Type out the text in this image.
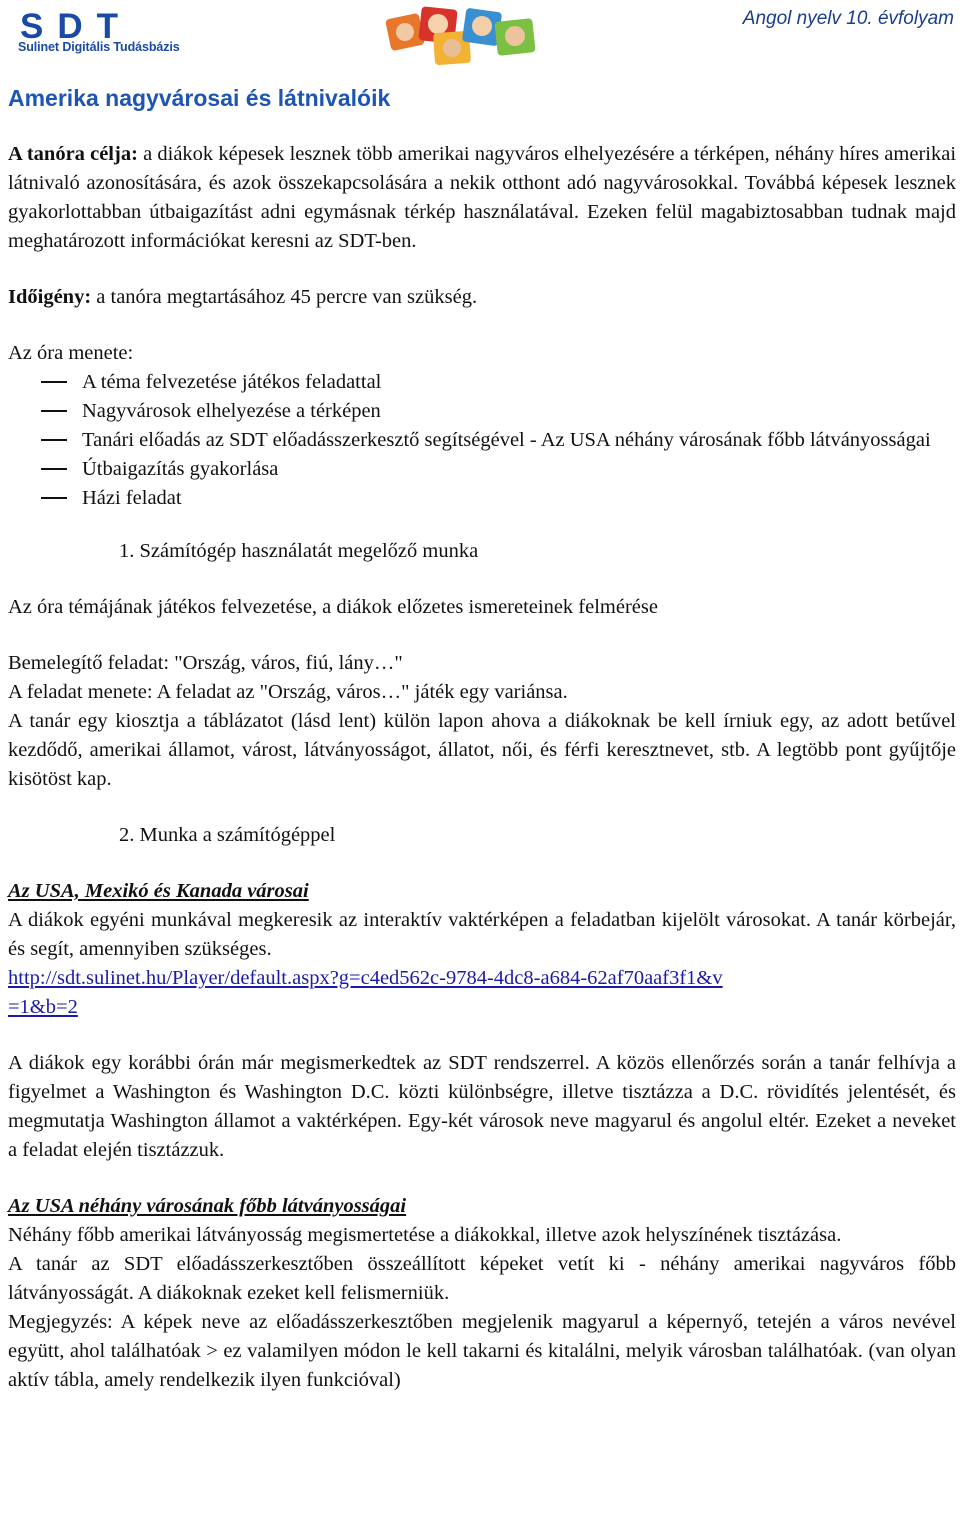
SDT
Sulinet Digitális Tudásbázis
Angol nyelv 10. évfolyam
Amerika nagyvárosai és látnivalóik

A tanóra célja: a diákok képesek lesznek több amerikai nagyváros elhelyezésére a térképen, néhány híres amerikai látnivaló azonosítására, és azok összekapcsolására a nekik otthont adó nagyvárosokkal. Továbbá képesek lesznek gyakorlottabban útbaigazítást adni egymásnak térkép használatával. Ezeken felül magabiztosabban tudnak majd meghatározott információkat keresni az SDT-ben.

Időigény: a tanóra megtartásához 45 percre van szükség.

Az óra menete:

A téma felvezetése játékos feladattal
Nagyvárosok elhelyezése a térképen
Tanári előadás az SDT előadásszerkesztő segítségével - Az USA néhány városának főbb látványosságai
Útbaigazítás gyakorlása
Házi feladat

1. Számítógép használatát megelőző munka

Az óra témájának játékos felvezetése, a diákok előzetes ismereteinek felmérése

Bemelegítő feladat: "Ország, város, fiú, lány…"

A feladat menete: A feladat az "Ország, város…" játék egy variánsa.

A tanár egy kiosztja a táblázatot (lásd lent) külön lapon ahova a diákoknak be kell írniuk egy, az adott betűvel kezdődő, amerikai államot, várost, látványosságot, állatot, női, és férfi keresztnevet, stb. A legtöbb pont gyűjtője kisötöst kap.

2. Munka a számítógéppel

Az USA, Mexikó és Kanada városai

A diákok egyéni munkával megkeresik az interaktív vaktérképen a feladatban kijelölt városokat. A tanár körbejár, és segít, amennyiben szükséges.

http://sdt.sulinet.hu/Player/default.aspx?g=c4ed562c-9784-4dc8-a684-62af70aaf3f1&v=1&b=2

A diákok egy korábbi órán már megismerkedtek az SDT rendszerrel. A közös ellenőrzés során a tanár felhívja a figyelmet a Washington és Washington D.C. közti különbségre, illetve tisztázza a D.C. rövidítés jelentését, és megmutatja Washington államot a vaktérképen. Egy-két városok neve magyarul és angolul eltér. Ezeket a neveket a feladat elején tisztázzuk.

Az USA néhány városának főbb látványosságai

Néhány főbb amerikai látványosság megismertetése a diákokkal, illetve azok helyszínének tisztázása.

A tanár az SDT előadásszerkesztőben összeállított képeket vetít ki - néhány amerikai nagyváros főbb látványosságát. A diákoknak ezeket kell felismerniük.

Megjegyzés: A képek neve az előadásszerkesztőben megjelenik magyarul a képernyő, tetején a város nevével együtt, ahol találhatóak > ez valamilyen módon le kell takarni és kitalálni, melyik városban találhatóak. (van olyan aktív tábla, amely rendelkezik ilyen funkcióval)
